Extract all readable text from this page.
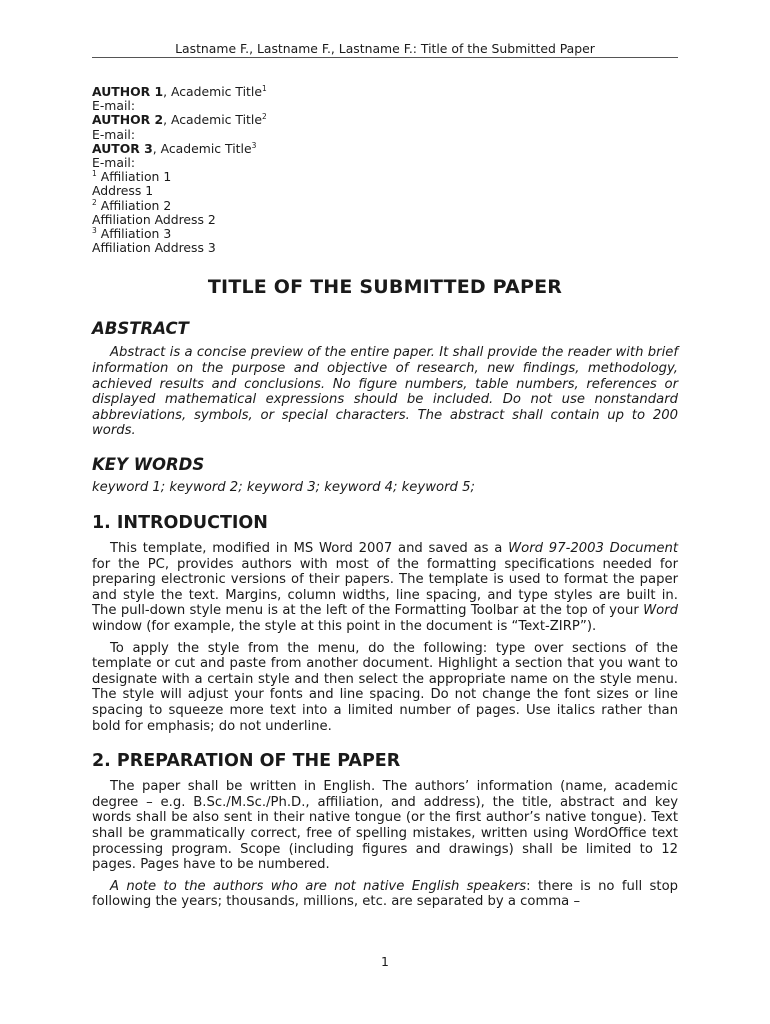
Lastname F., Lastname F., Lastname F.: Title of the Submitted Paper
AUTHOR 1, Academic Title$^1$
E-mail:
AUTHOR 2, Academic Title$^2$
E-mail:
AUTOR 3, Academic Title$^3$
E-mail:
$^1$ Affiliation 1
Address 1
$^2$ Affiliation 2
Affiliation Address 2
$^3$ Affiliation 3
Affiliation Address 3
TITLE OF THE SUBMITTED PAPER
ABSTRACT
Abstract is a concise preview of the entire paper. It shall provide the reader with brief information on the purpose and objective of research, new findings, methodology, achieved results and conclusions. No figure numbers, table numbers, references or displayed mathematical expressions should be included. Do not use nonstandard abbreviations, symbols, or special characters. The abstract shall contain up to 200 words.
KEY WORDS
keyword 1; keyword 2; keyword 3; keyword 4; keyword 5;
1. INTRODUCTION
This template, modified in MS Word 2007 and saved as a Word 97-2003 Document for the PC, provides authors with most of the formatting specifications needed for preparing electronic versions of their papers. The template is used to format the paper and style the text. Margins, column widths, line spacing, and type styles are built in. The pull-down style menu is at the left of the Formatting Toolbar at the top of your Word window (for example, the style at this point in the document is “Text-ZIRP”).
To apply the style from the menu, do the following: type over sections of the template or cut and paste from another document. Highlight a section that you want to designate with a certain style and then select the appropriate name on the style menu. The style will adjust your fonts and line spacing. Do not change the font sizes or line spacing to squeeze more text into a limited number of pages. Use italics rather than bold for emphasis; do not underline.
2. PREPARATION OF THE PAPER
The paper shall be written in English. The authors’ information (name, academic degree – e.g. B.Sc./M.Sc./Ph.D., affiliation, and address), the title, abstract and key words shall be also sent in their native tongue (or the first author’s native tongue). Text shall be grammatically correct, free of spelling mistakes, written using WordOffice text processing program. Scope (including figures and drawings) shall be limited to 12 pages. Pages have to be numbered.
A note to the authors who are not native English speakers: there is no full stop following the years; thousands, millions, etc. are separated by a comma –
1
